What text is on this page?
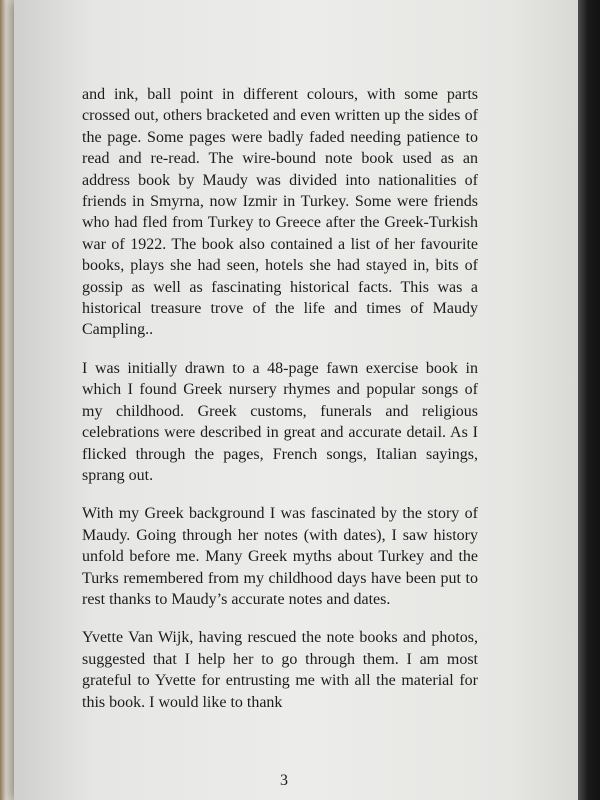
and ink, ball point in different colours, with some parts crossed out, others bracketed and even written up the sides of the page. Some pages were badly faded needing patience to read and re-read. The wire-bound note book used as an address book by Maudy was divided into nationalities of friends in Smyrna, now Izmir in Turkey. Some were friends who had fled from Turkey to Greece after the Greek-Turkish war of 1922. The book also contained a list of her favourite books, plays she had seen, hotels she had stayed in, bits of gossip as well as fascinating historical facts. This was a historical treasure trove of the life and times of Maudy Campling..

I was initially drawn to a 48-page fawn exercise book in which I found Greek nursery rhymes and popular songs of my childhood. Greek customs, funerals and religious celebrations were described in great and accurate detail. As I flicked through the pages, French songs, Italian sayings, sprang out.

With my Greek background I was fascinated by the story of Maudy. Going through her notes (with dates), I saw history unfold before me. Many Greek myths about Turkey and the Turks remembered from my childhood days have been put to rest thanks to Maudy’s accurate notes and dates.

Yvette Van Wijk, having rescued the note books and photos, suggested that I help her to go through them. I am most grateful to Yvette for entrusting me with all the material for this book. I would like to thank

3
